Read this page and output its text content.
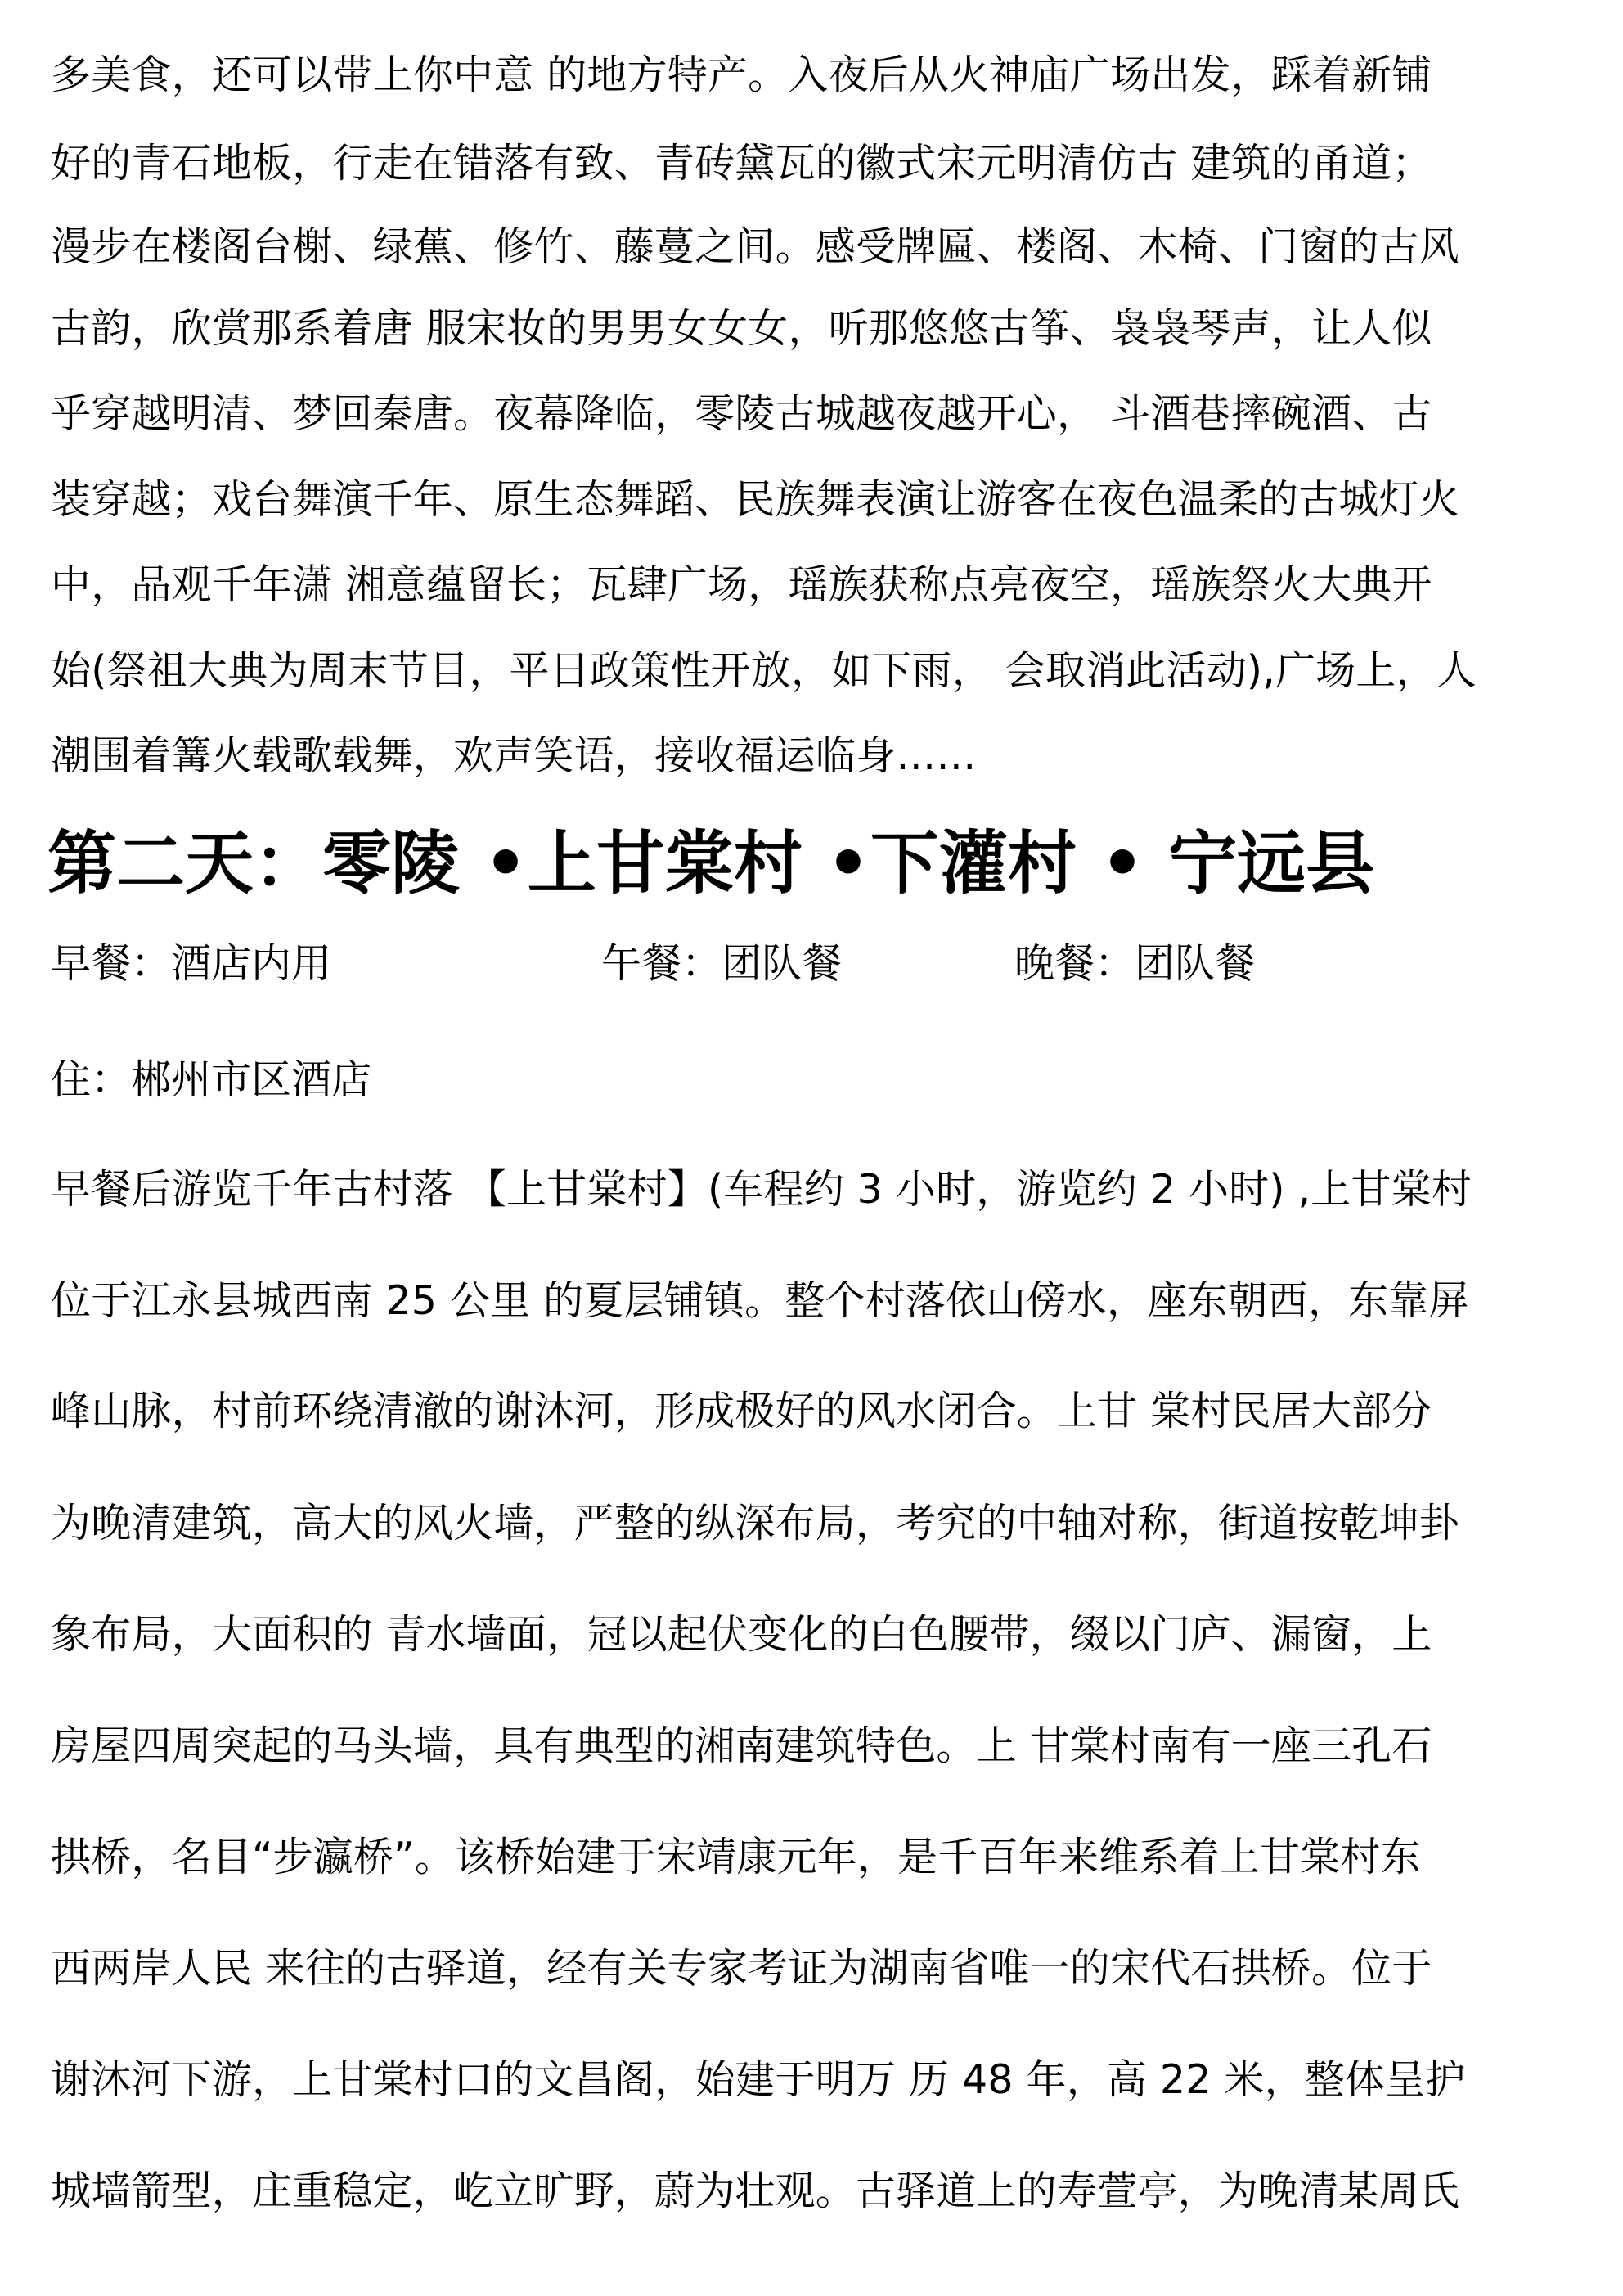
多美食，还可以带上你中意 的地方特产。入夜后从火神庙广场出发，踩着新铺
好的青石地板，行走在错落有致、青砖黛瓦的徽式宋元明清仿古 建筑的甬道；
漫步在楼阁台榭、绿蕉、修竹、藤蔓之间。感受牌匾、楼阁、木椅、门窗的古风
古韵，欣赏那系着唐 服宋妆的男男女女女，听那悠悠古筝、袅袅琴声，让人似
乎穿越明清、梦回秦唐。夜幕降临，零陵古城越夜越开心， 斗酒巷摔碗酒、古
装穿越；戏台舞演千年、原生态舞蹈、民族舞表演让游客在夜色温柔的古城灯火
中，品观千年潇 湘意蕴留长；瓦肆广场，瑶族获称点亮夜空，瑶族祭火大典开
始(祭祖大典为周末节目，平日政策性开放，如下雨， 会取消此活动),广场上，人
潮围着篝火载歌载舞，欢声笑语，接收福运临身……
第二天：零陵 •上甘棠村 •下灌村 • 宁远县
早餐：酒店内用	午餐：团队餐	晚餐：团队餐
住：郴州市区酒店
早餐后游览千年古村落 【上甘棠村】(车程约 3 小时，游览约 2 小时) ,上甘棠村
位于江永县城西南 25 公里 的夏层铺镇。整个村落依山傍水，座东朝西，东靠屏
峰山脉，村前环绕清澈的谢沐河，形成极好的风水闭合。上甘 棠村民居大部分
为晚清建筑，高大的风火墙，严整的纵深布局，考究的中轴对称，街道按乾坤卦
象布局，大面积的 青水墙面，冠以起伏变化的白色腰带，缀以门庐、漏窗，上
房屋四周突起的马头墙，具有典型的湘南建筑特色。上 甘棠村南有一座三孔石
拱桥，名目“步瀛桥”。该桥始建于宋靖康元年，是千百年来维系着上甘棠村东
西两岸人民 来往的古驿道，经有关专家考证为湖南省唯一的宋代石拱桥。位于
谢沐河下游，上甘棠村口的文昌阁，始建于明万 历 48 年，高 22 米，整体呈护
城墙箭型，庄重稳定，屹立旷野，蔚为壮观。古驿道上的寿萱亭，为晚清某周氏
